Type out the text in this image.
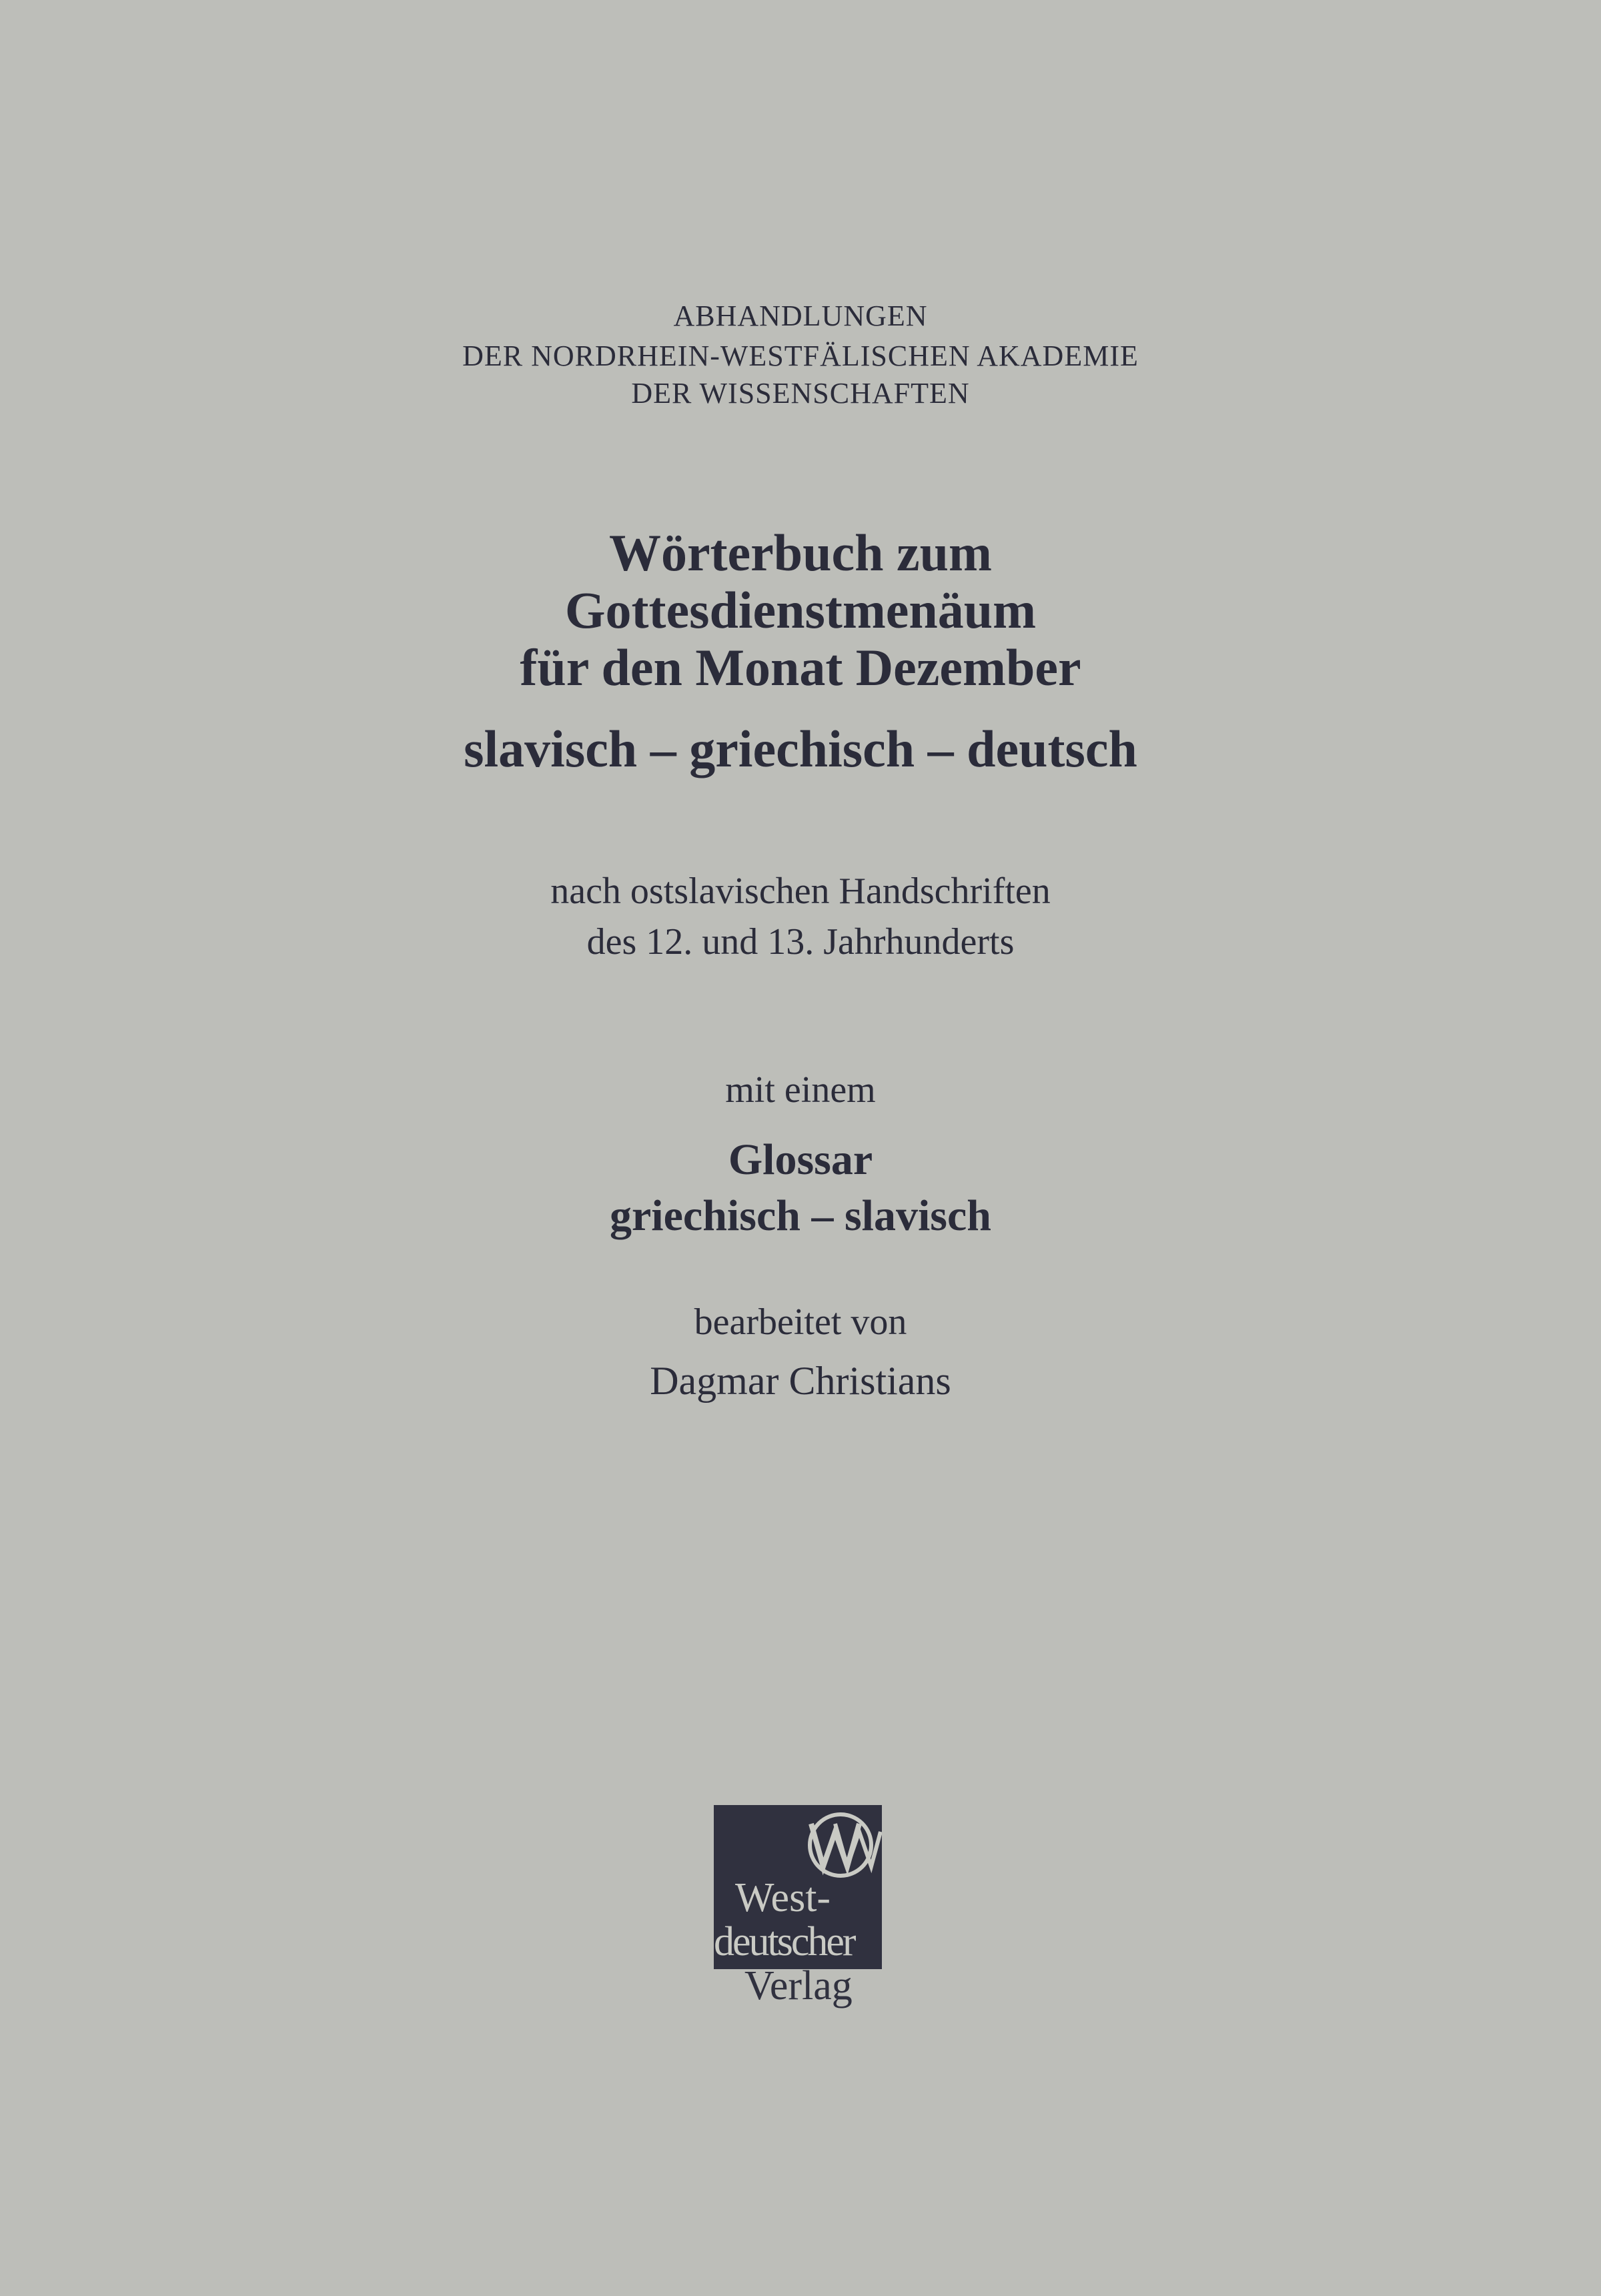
ABHANDLUNGEN
DER NORDRHEIN-WESTFÄLISCHEN AKADEMIE
DER WISSENSCHAFTEN
Wörterbuch zum
Gottesdienstmenäum
für den Monat Dezember
slavisch – griechisch – deutsch
nach ostslavischen Handschriften
des 12. und 13. Jahrhunderts
mit einem
Glossar
griechisch – slavisch
bearbeitet von
Dagmar Christians
West-
deutscher
Verlag
